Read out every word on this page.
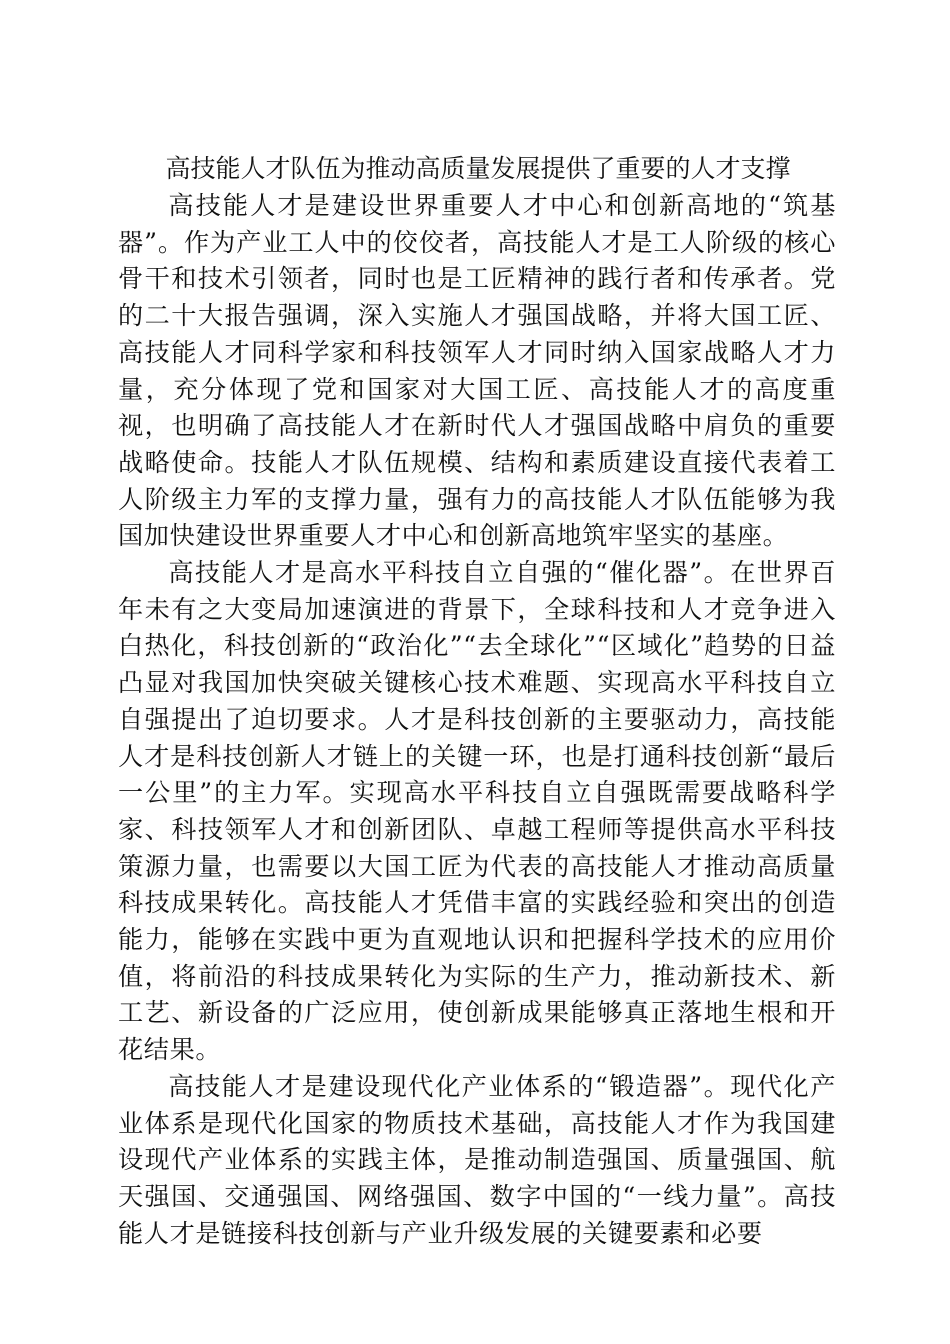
高技能人才队伍为推动高质量发展提供了重要的人才支撑

高技能人才是建设世界重要人才中心和创新高地的“筑基器”。作为产业工人中的佼佼者，高技能人才是工人阶级的核心骨干和技术引领者，同时也是工匠精神的践行者和传承者。党的二十大报告强调，深入实施人才强国战略，并将大国工匠、高技能人才同科学家和科技领军人才同时纳入国家战略人才力量，充分体现了党和国家对大国工匠、高技能人才的高度重视，也明确了高技能人才在新时代人才强国战略中肩负的重要战略使命。技能人才队伍规模、结构和素质建设直接代表着工人阶级主力军的支撑力量，强有力的高技能人才队伍能够为我国加快建设世界重要人才中心和创新高地筑牢坚实的基座。

高技能人才是高水平科技自立自强的“催化器”。在世界百年未有之大变局加速演进的背景下，全球科技和人才竞争进入白热化，科技创新的“政治化”“去全球化”“区域化”趋势的日益凸显对我国加快突破关键核心技术难题、实现高水平科技自立自强提出了迫切要求。人才是科技创新的主要驱动力，高技能人才是科技创新人才链上的关键一环，也是打通科技创新“最后一公里”的主力军。实现高水平科技自立自强既需要战略科学家、科技领军人才和创新团队、卓越工程师等提供高水平科技策源力量，也需要以大国工匠为代表的高技能人才推动高质量科技成果转化。高技能人才凭借丰富的实践经验和突出的创造能力，能够在实践中更为直观地认识和把握科学技术的应用价值，将前沿的科技成果转化为实际的生产力，推动新技术、新工艺、新设备的广泛应用，使创新成果能够真正落地生根和开花结果。

高技能人才是建设现代化产业体系的“锻造器”。现代化产业体系是现代化国家的物质技术基础，高技能人才作为我国建设现代产业体系的实践主体，是推动制造强国、质量强国、航天强国、交通强国、网络强国、数字中国的“一线力量”。高技能人才是链接科技创新与产业升级发展的关键要素和必要
